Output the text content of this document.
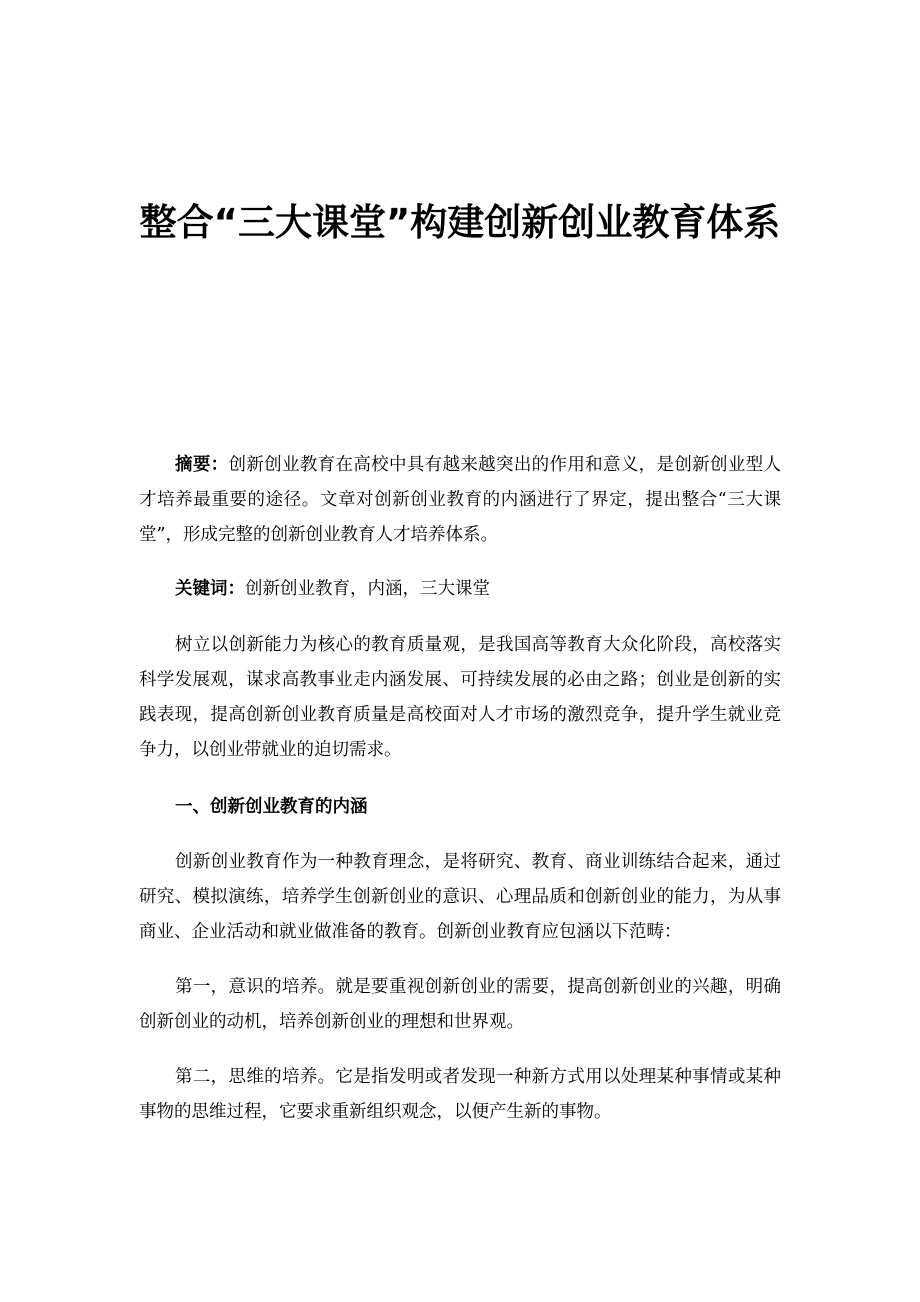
整合“三大课堂”构建创新创业教育体系

摘要：创新创业教育在高校中具有越来越突出的作用和意义，是创新创业型人才培养最重要的途径。文章对创新创业教育的内涵进行了界定，提出整合“三大课堂”，形成完整的创新创业教育人才培养体系。

关键词：创新创业教育，内涵，三大课堂

树立以创新能力为核心的教育质量观，是我国高等教育大众化阶段，高校落实科学发展观，谋求高教事业走内涵发展、可持续发展的必由之路；创业是创新的实践表现，提高创新创业教育质量是高校面对人才市场的激烈竞争，提升学生就业竞争力，以创业带就业的迫切需求。

一、创新创业教育的内涵

创新创业教育作为一种教育理念，是将研究、教育、商业训练结合起来，通过研究、模拟演练，培养学生创新创业的意识、心理品质和创新创业的能力，为从事商业、企业活动和就业做准备的教育。创新创业教育应包涵以下范畴：

第一，意识的培养。就是要重视创新创业的需要，提高创新创业的兴趣，明确创新创业的动机，培养创新创业的理想和世界观。

第二，思维的培养。它是指发明或者发现一种新方式用以处理某种事情或某种事物的思维过程，它要求重新组织观念，以便产生新的事物。
